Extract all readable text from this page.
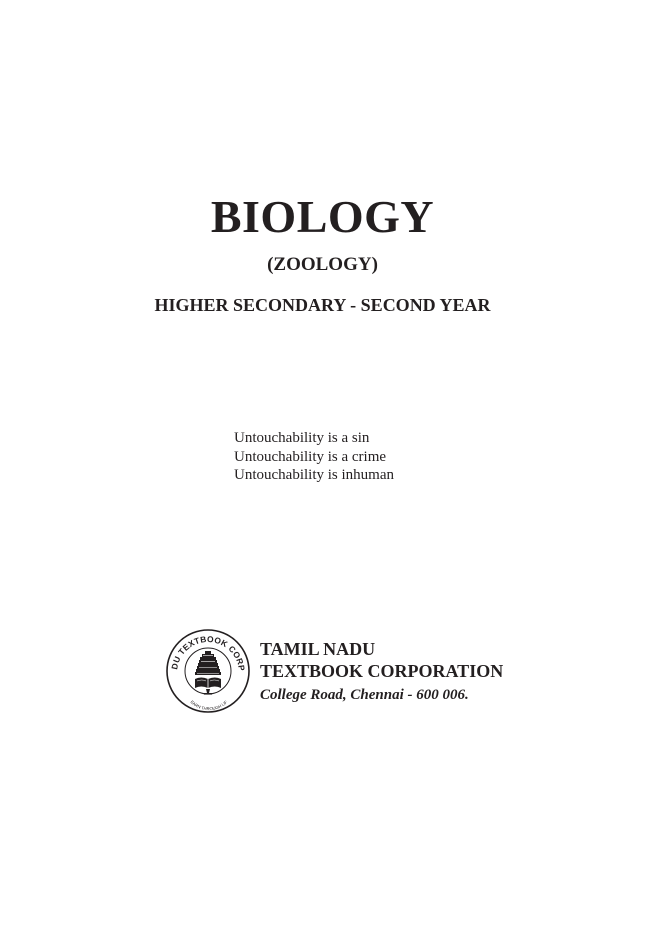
BIOLOGY
(ZOOLOGY)
HIGHER SECONDARY - SECOND YEAR
Untouchability is a sin
Untouchability is a crime
Untouchability is inhuman
DU TEXTBOOK CORP
EARN THROUGH LIF
TAMIL NADU
TEXTBOOK CORPORATION
College Road, Chennai - 600 006.
